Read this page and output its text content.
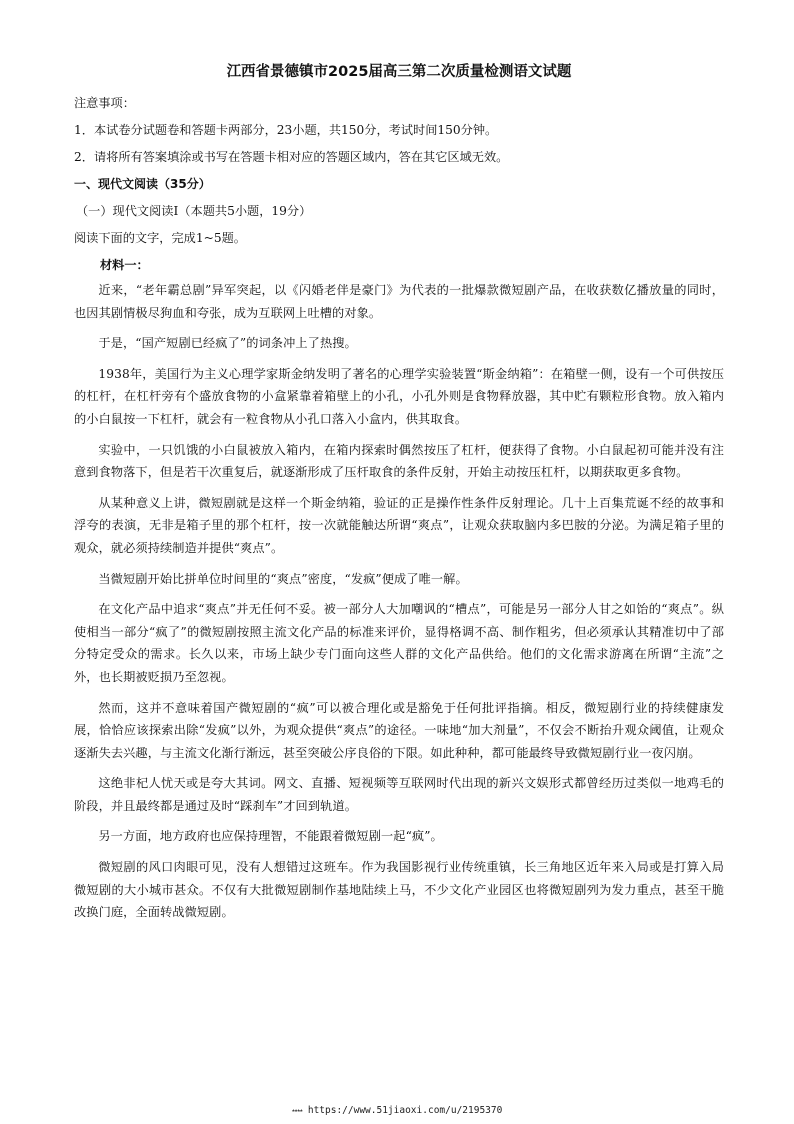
江西省景德镇市2025届高三第二次质量检测语文试题

注意事项：

1．本试卷分试题卷和答题卡两部分，23小题，共150分，考试时间150分钟。

2．请将所有答案填涂或书写在答题卡相对应的答题区域内，答在其它区域无效。

一、现代文阅读（35分）

（一）现代文阅读Ⅰ（本题共5小题，19分）

阅读下面的文字，完成1~5题。

材料一：

近来，“老年霸总剧”异军突起，以《闪婚老伴是豪门》为代表的一批爆款微短剧产品，在收获数亿播放量的同时，也因其剧情极尽狗血和夸张，成为互联网上吐槽的对象。

于是，“国产短剧已经疯了”的词条冲上了热搜。

1938年，美国行为主义心理学家斯金纳发明了著名的心理学实验装置“斯金纳箱”：在箱壁一侧，设有一个可供按压的杠杆，在杠杆旁有个盛放食物的小盒紧靠着箱壁上的小孔，小孔外则是食物释放器，其中贮有颗粒形食物。放入箱内的小白鼠按一下杠杆，就会有一粒食物从小孔口落入小盒内，供其取食。

实验中，一只饥饿的小白鼠被放入箱内，在箱内探索时偶然按压了杠杆，便获得了食物。小白鼠起初可能并没有注意到食物落下，但是若干次重复后，就逐渐形成了压杆取食的条件反射，开始主动按压杠杆，以期获取更多食物。

从某种意义上讲，微短剧就是这样一个斯金纳箱，验证的正是操作性条件反射理论。几十上百集荒诞不经的故事和浮夸的表演，无非是箱子里的那个杠杆，按一次就能触达所谓“爽点”，让观众获取脑内多巴胺的分泌。为满足箱子里的观众，就必须持续制造并提供“爽点”。

当微短剧开始比拼单位时间里的“爽点”密度，“发疯”便成了唯一解。

在文化产品中追求“爽点”并无任何不妥。被一部分人大加嘲讽的“槽点”，可能是另一部分人甘之如饴的“爽点”。纵使相当一部分“疯了”的微短剧按照主流文化产品的标准来评价，显得格调不高、制作粗劣，但必须承认其精准切中了部分特定受众的需求。长久以来，市场上缺少专门面向这些人群的文化产品供给。他们的文化需求游离在所谓“主流”之外，也长期被贬损乃至忽视。

然而，这并不意味着国产微短剧的“疯”可以被合理化或是豁免于任何批评指摘。相反，微短剧行业的持续健康发展，恰恰应该探索出除“发疯”以外，为观众提供“爽点”的途径。一味地“加大剂量”，不仅会不断抬升观众阈值，让观众逐渐失去兴趣，与主流文化渐行渐远，甚至突破公序良俗的下限。如此种种，都可能最终导致微短剧行业一夜闪崩。

这绝非杞人忧天或是夸大其词。网文、直播、短视频等互联网时代出现的新兴文娱形式都曾经历过类似一地鸡毛的阶段，并且最终都是通过及时“踩刹车”才回到轨道。

另一方面，地方政府也应保持理智，不能跟着微短剧一起“疯”。

微短剧的风口肉眼可见，没有人想错过这班车。作为我国影视行业传统重镇，长三角地区近年来入局或是打算入局微短剧的大小城市甚众。不仅有大批微短剧制作基地陆续上马，不少文化产业园区也将微短剧列为发力重点，甚至干脆改换门庭，全面转战微短剧。

★★★★ https://www.51jiaoxi.com/u/2195370
